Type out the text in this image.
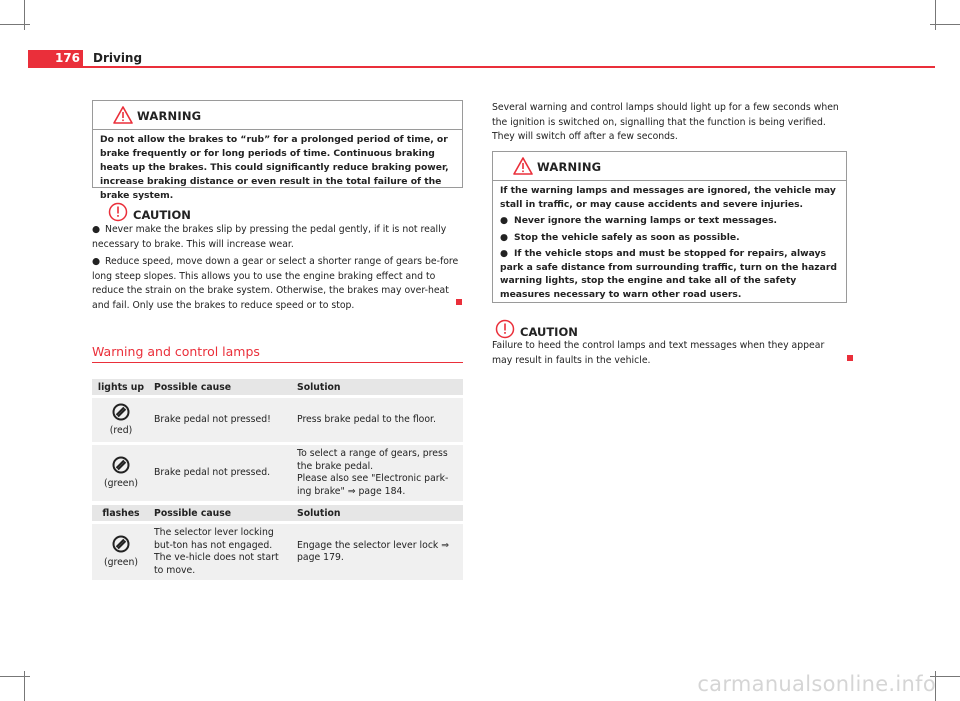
176 Driving
WARNING

Do not allow the brakes to “rub” for a prolonged period of time, or brake frequently or for long periods of time. Continuous braking heats up the brakes. This could significantly reduce braking power, increase braking distance or even result in the total failure of the brake system.

CAUTION

● Never make the brakes slip by pressing the pedal gently, if it is not really necessary to brake. This will increase wear.

● Reduce speed, move down a gear or select a shorter range of gears be-fore long steep slopes. This allows you to use the engine braking effect and to reduce the strain on the brake system. Otherwise, the brakes may over-heat and fail. Only use the brakes to reduce speed or to stop.

Warning and control lamps
lights up	Possible cause	Solution

(red)	Brake pedal not pressed!	Press brake pedal to the floor.

(green)	Brake pedal not pressed.	To select a range of gears, press the brake pedal.
Please also see "Electronic park-ing brake" ⇒ page 184.
flashes	Possible cause	Solution

(green)	The selector lever locking but-ton has not engaged. The ve-hicle does not start to move.	Engage the selector lever lock ⇒ page 179.

Several warning and control lamps should light up for a few seconds when the ignition is switched on, signalling that the function is being verified. They will switch off after a few seconds.

WARNING

If the warning lamps and messages are ignored, the vehicle may stall in traffic, or may cause accidents and severe injuries.

● Never ignore the warning lamps or text messages.

● Stop the vehicle safely as soon as possible.

● If the vehicle stops and must be stopped for repairs, always park a safe distance from surrounding traffic, turn on the hazard warning lights, stop the engine and take all of the safety measures necessary to warn other road users.

CAUTION

Failure to heed the control lamps and text messages when they appear may result in faults in the vehicle.

carmanualsonline.info
